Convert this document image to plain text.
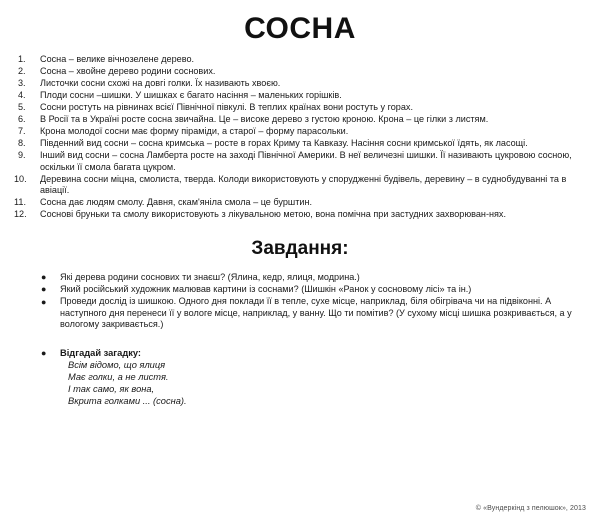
СОСНА
1.	Сосна – велике вічнозелене дерево.
2.	Сосна – хвойне дерево родини соснових.
3.	Листочки сосни схожі на довгі голки. Їх називають хвоєю.
4.	Плоди сосни –шишки. У шишках є багато насіння – маленьких горішків.
5.	Сосни ростуть на рівнинах всієї Північної півкулі. В теплих країнах вони ростуть у горах.
6.	В Росії та в Україні росте сосна звичайна. Це – високе дерево з густою кроною. Крона – це гілки з листям.
7.	Крона молодої сосни має форму піраміди, а старої – форму парасольки.
8.	Південний вид сосни – сосна кримська – росте в горах Криму та Кавказу. Насіння сосни кримської їдять, як ласощі.
9.	Інший вид сосни – сосна Ламберта росте на заході Північної Америки. В неї величезні шишки. Її називають цукровою сосною, оскільки її смола багата цукром.
10.	Деревина сосни міцна, смолиста, тверда. Колоди використовують у спорудженні будівель, деревину – в суднобудуванні та в авіації.
11.	Сосна дає людям смолу. Давня, скам'яніла смола – це бурштин.
12.	Соснові бруньки та смолу використовують з лікувальною метою, вона помічна при застудних захворюван-нях.
Завдання:
● Які дерева родини соснових ти знаєш? (Ялина, кедр, ялиця, модрина.)
● Який російський художник малював картини із соснами? (Шишкін «Ранок у сосновому лісі» та ін.)
● Проведи дослід із шишкою. Одного дня поклади її в тепле, сухе місце, наприклад, біля обігрівача чи на підвіконні. А наступного дня перенеси її у вологе місце, наприклад, у ванну. Що ти помітив? (У сухому місці шишка розкривається, а у вологому закривається.)
● Відгадай загадку:
Всім відомо, що ялиця
Має голки, а не листя.
І так само, як вона,
Вкрита голками ... (сосна).
© «Вундеркінд з пелюшок», 2013
